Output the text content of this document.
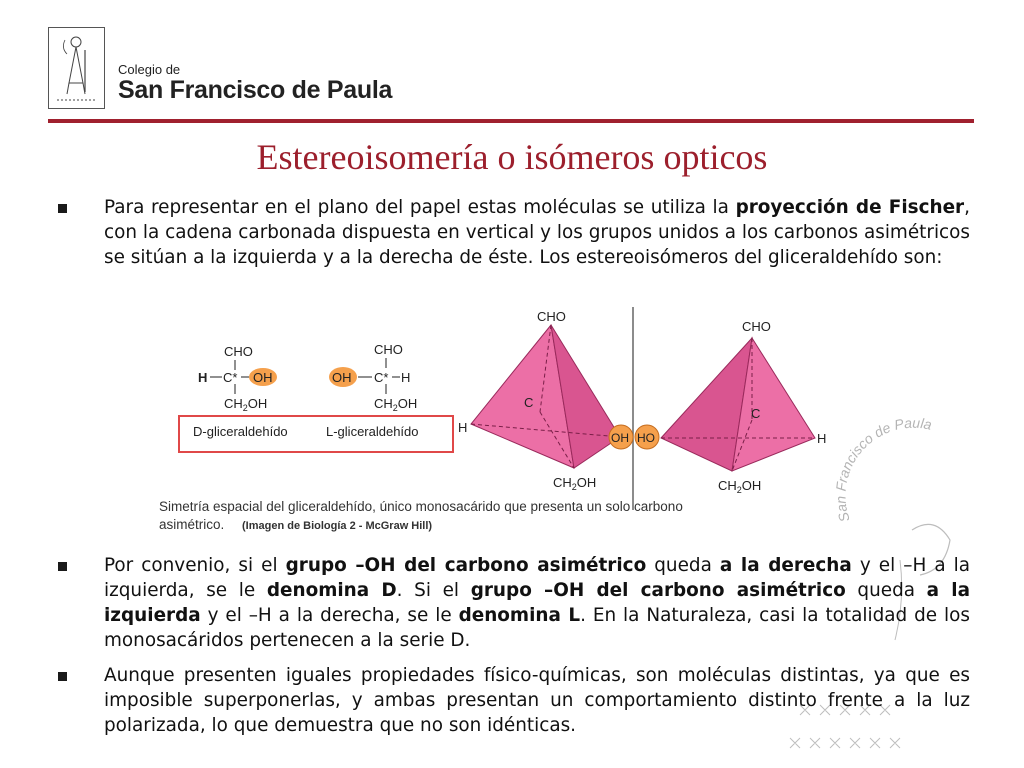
Colegio de
San Francisco de Paula
Estereoisomería o isómeros opticos
Para representar en el plano del papel estas moléculas se utiliza la proyección de Fischer, con la cadena carbonada dispuesta en vertical y los grupos unidos a los carbonos asimétricos se sitúan a la izquierda y a la derecha de éste. Los estereoisómeros del gliceraldehído son:
CHO
H C* OH
$CH_2OH$
CHO
OH C* H
$CH_2OH$
D-gliceraldehído	L-gliceraldehído
CHO
H
C
$CH_2OH$
OH HO
CHO
H
C
$CH_2OH$
Simetría espacial del gliceraldehído, único monosacárido que presenta un solo carbono
asimétrico. (Imagen de Biología 2 - McGraw Hill)
San Francisco de Paula
Por convenio, si el grupo –OH del carbono asimétrico queda a la derecha y el –H a la izquierda, se le denomina D. Si el grupo –OH del carbono asimétrico queda a la izquierda y el –H a la derecha, se le denomina L. En la Naturaleza, casi la totalidad de los monosacáridos pertenecen a la serie D.
Aunque presenten iguales propiedades físico-químicas, son moléculas distintas, ya que es imposible superponerlas, y ambas presentan un comportamiento distinto frente a la luz polarizada, lo que demuestra que no son idénticas.
